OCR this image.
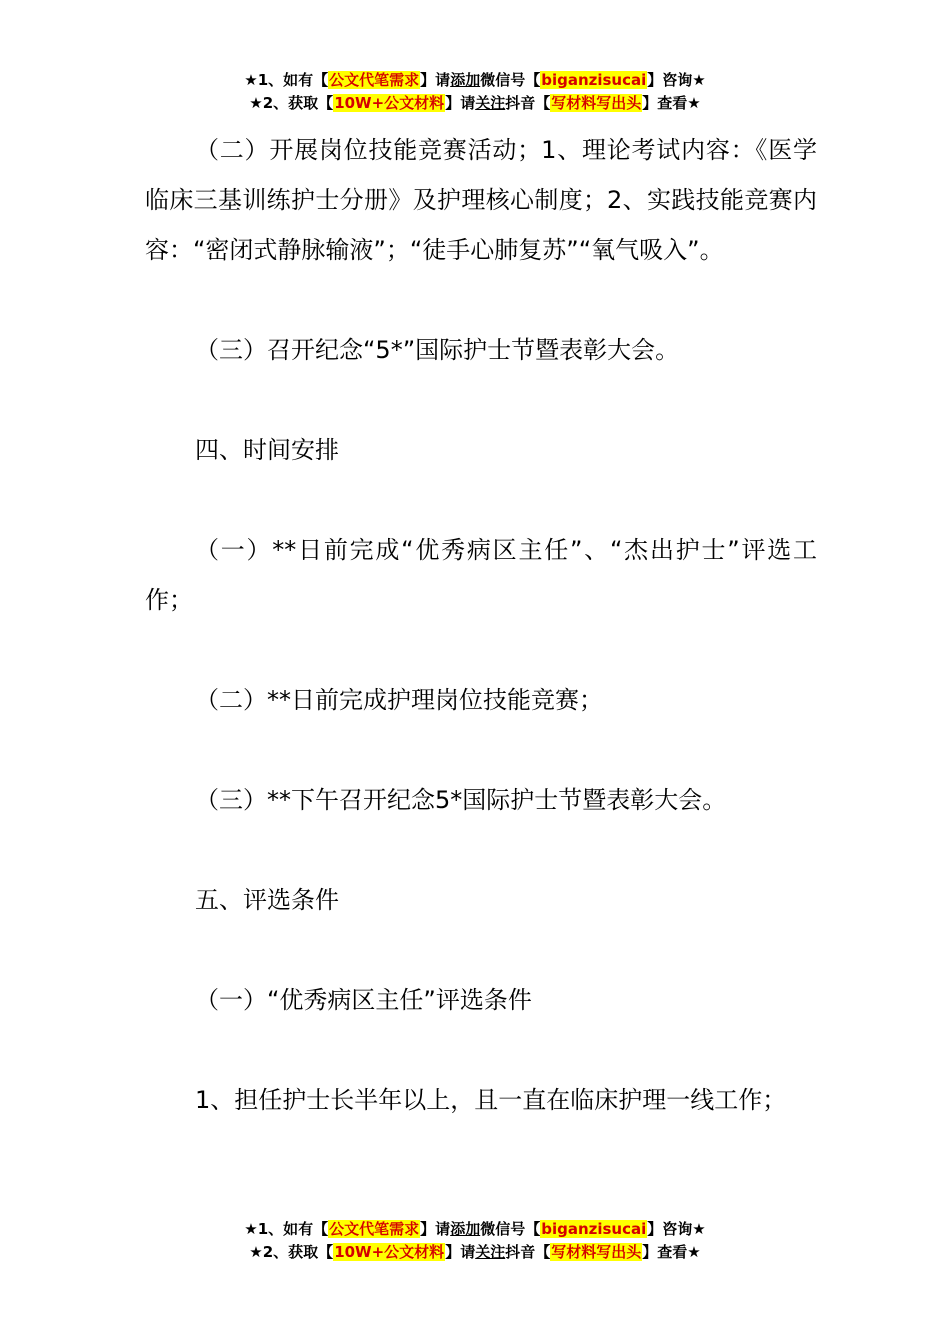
★1、如有【公文代笔需求】请添加微信号【biganzisucai】咨询★
★2、获取【10W+公文材料】请关注抖音【写材料写出头】查看★

（二）开展岗位技能竞赛活动；1、理论考试内容：《医学临床三基训练护士分册》及护理核心制度；2、实践技能竞赛内容：“密闭式静脉输液”；“徒手心肺复苏”“氧气吸入”。

（三）召开纪念“5*”国际护士节暨表彰大会。

四、时间安排

（一）**日前完成“优秀病区主任”、“杰出护士”评选工作；

（二）**日前完成护理岗位技能竞赛；

（三）**下午召开纪念5*国际护士节暨表彰大会。

五、评选条件

（一）“优秀病区主任”评选条件

1、担任护士长半年以上，且一直在临床护理一线工作；

★1、如有【公文代笔需求】请添加微信号【biganzisucai】咨询★
★2、获取【10W+公文材料】请关注抖音【写材料写出头】查看★
